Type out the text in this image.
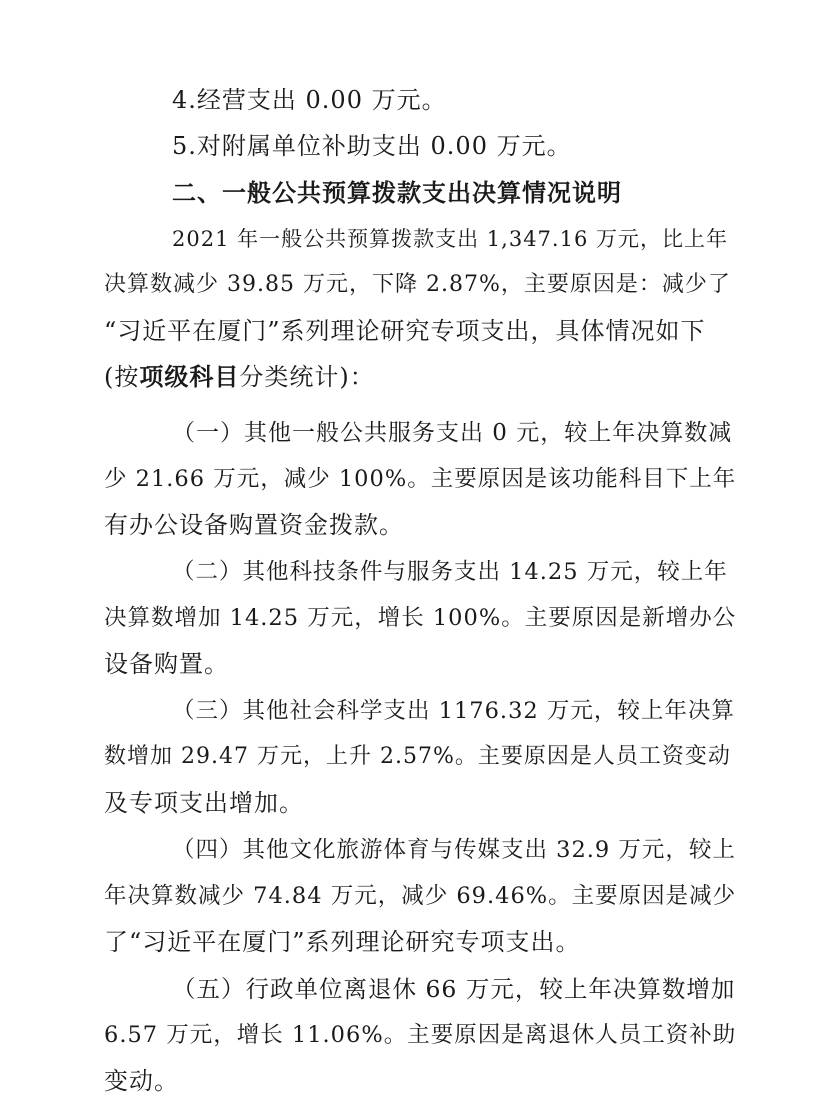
4.经营支出 0.00 万元。
5.对附属单位补助支出 0.00 万元。
二、一般公共预算拨款支出决算情况说明
2021 年一般公共预算拨款支出 1,347.16 万元，比上年
决算数减少 39.85 万元，下降 2.87%，主要原因是：减少了
“习近平在厦门”系列理论研究专项支出，具体情况如下
(按项级科目分类统计)：
（一）其他一般公共服务支出 0 元，较上年决算数减
少 21.66 万元，减少 100%。主要原因是该功能科目下上年
有办公设备购置资金拨款。
（二）其他科技条件与服务支出 14.25 万元，较上年
决算数增加 14.25 万元，增长 100%。主要原因是新增办公
设备购置。
（三）其他社会科学支出 1176.32 万元，较上年决算
数增加 29.47 万元，上升 2.57%。主要原因是人员工资变动
及专项支出增加。
（四）其他文化旅游体育与传媒支出 32.9 万元，较上
年决算数减少 74.84 万元，减少 69.46%。主要原因是减少
了“习近平在厦门”系列理论研究专项支出。
（五）行政单位离退休 66 万元，较上年决算数增加
6.57 万元，增长 11.06%。主要原因是离退休人员工资补助
变动。
